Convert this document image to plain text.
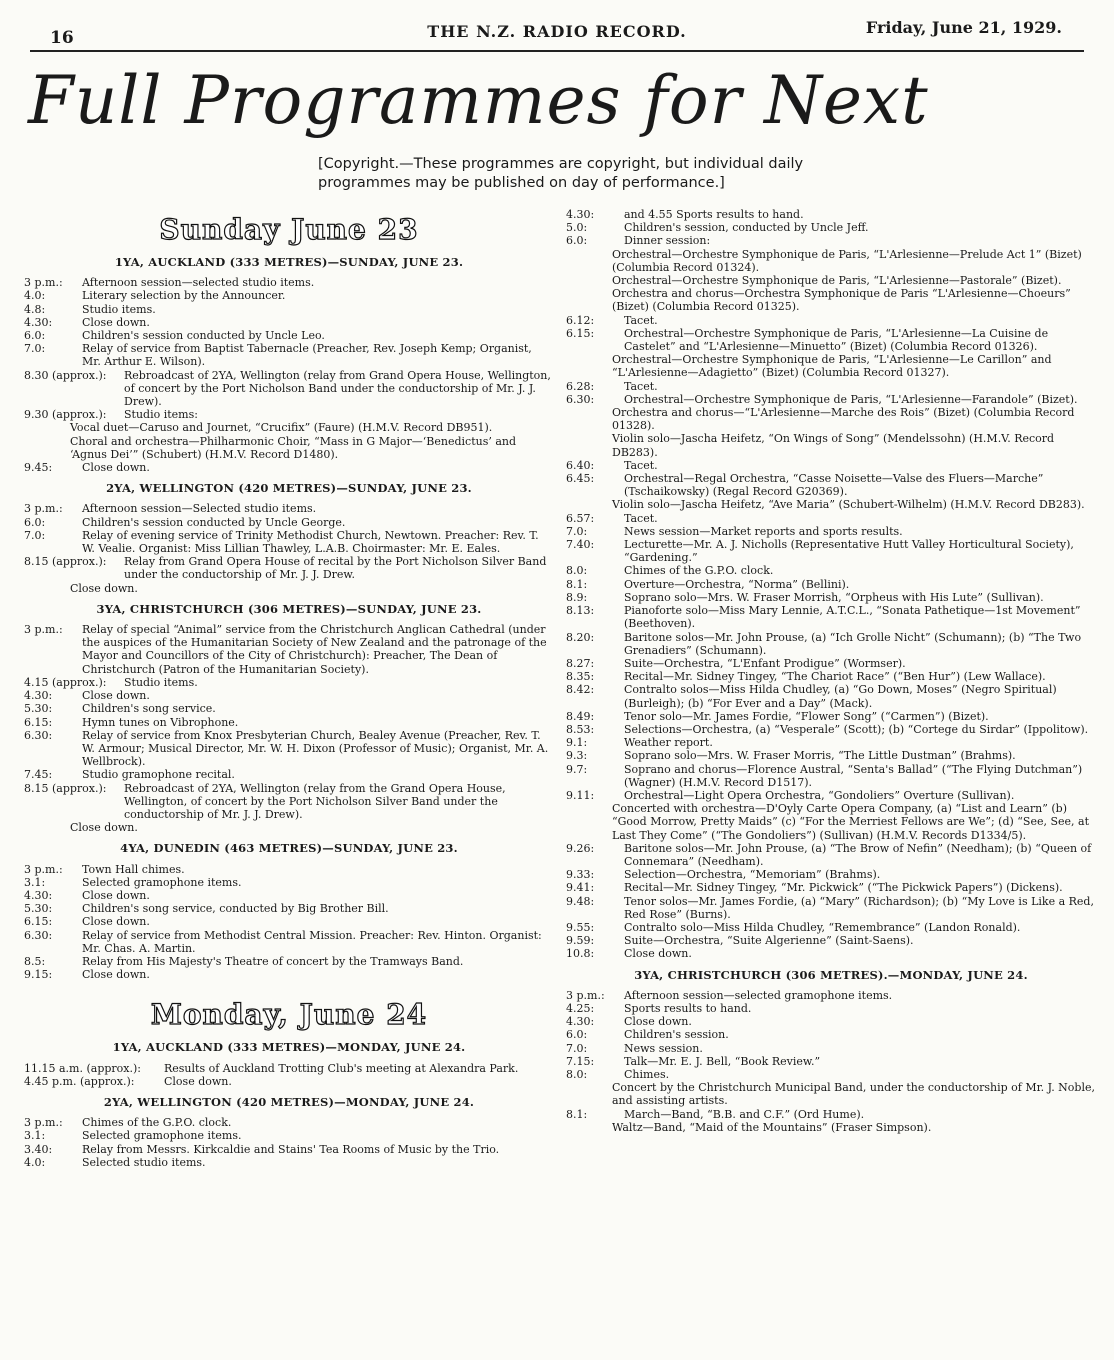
16	THE N.Z. RADIO RECORD.	Friday, June 21, 1929.
Full Programmes for Next
[Copyright.—These programmes are copyright, but individual daily programmes may be published on day of performance.]
Sunday June 23
1YA, AUCKLAND (333 METRES)—SUNDAY, JUNE 23.
3 p.m.:	Afternoon session—selected studio items.
4.0:	Literary selection by the Announcer.
4.8:	Studio items.
4.30:	Close down.
6.0:	Children's session conducted by Uncle Leo.
7.0:	Relay of service from Baptist Tabernacle (Preacher, Rev. Joseph Kemp; Organist, Mr. Arthur E. Wilson).
8.30 (approx.):	Rebroadcast of 2YA, Wellington (relay from Grand Opera House, Wellington, of concert by the Port Nicholson Band under the conductorship of Mr. J. J. Drew).
9.30 (approx.):	Studio items:
Vocal duet—Caruso and Journet, “Crucifix” (Faure) (H.M.V. Record DB951).
Choral and orchestra—Philharmonic Choir, “Mass in G Major—‘Benedictus’ and ‘Agnus Dei’” (Schubert) (H.M.V. Record D1480).
9.45:	Close down.
2YA, WELLINGTON (420 METRES)—SUNDAY, JUNE 23.
3 p.m.:	Afternoon session—Selected studio items.
6.0:	Children's session conducted by Uncle George.
7.0:	Relay of evening service of Trinity Methodist Church, Newtown. Preacher: Rev. T. W. Vealie. Organist: Miss Lillian Thawley, L.A.B. Choirmaster: Mr. E. Eales.
8.15 (approx.):	Relay from Grand Opera House of recital by the Port Nicholson Silver Band under the conductorship of Mr. J. J. Drew.
Close down.
3YA, CHRISTCHURCH (306 METRES)—SUNDAY, JUNE 23.
3 p.m.:	Relay of special “Animal” service from the Christchurch Anglican Cathedral (under the auspices of the Humanitarian Society of New Zealand and the patronage of the Mayor and Councillors of the City of Christchurch): Preacher, The Dean of Christchurch (Patron of the Humanitarian Society).
4.15 (approx.):	Studio items.
4.30:	Close down.
5.30:	Children's song service.
6.15:	Hymn tunes on Vibrophone.
6.30:	Relay of service from Knox Presbyterian Church, Bealey Avenue (Preacher, Rev. T. W. Armour; Musical Director, Mr. W. H. Dixon (Professor of Music); Organist, Mr. A. Wellbrock).
7.45:	Studio gramophone recital.
8.15 (approx.):	Rebroadcast of 2YA, Wellington (relay from the Grand Opera House, Wellington, of concert by the Port Nicholson Silver Band under the conductorship of Mr. J. J. Drew).
Close down.
4YA, DUNEDIN (463 METRES)—SUNDAY, JUNE 23.
3 p.m.:	Town Hall chimes.
3.1:	Selected gramophone items.
4.30:	Close down.
5.30:	Children's song service, conducted by Big Brother Bill.
6.15:	Close down.
6.30:	Relay of service from Methodist Central Mission. Preacher: Rev. Hinton. Organist: Mr. Chas. A. Martin.
8.5:	Relay from His Majesty's Theatre of concert by the Tramways Band.
9.15:	Close down.
Monday, June 24
1YA, AUCKLAND (333 METRES)—MONDAY, JUNE 24.
11.15 a.m. (approx.):	Results of Auckland Trotting Club's meeting at Alexandra Park.
4.45 p.m. (approx.):	Close down.
2YA, WELLINGTON (420 METRES)—MONDAY, JUNE 24.
3 p.m.:	Chimes of the G.P.O. clock.
3.1:	Selected gramophone items.
3.40:	Relay from Messrs. Kirkcaldie and Stains' Tea Rooms of Music by the Trio.
4.0:	Selected studio items.
4.30:	and 4.55 Sports results to hand.
5.0:	Children's session, conducted by Uncle Jeff.
6.0:	Dinner session:
Orchestral—Orchestre Symphonique de Paris, “L'Arlesienne—Prelude Act 1” (Bizet) (Columbia Record 01324).
Orchestral—Orchestre Symphonique de Paris, “L'Arlesienne—Pastorale” (Bizet).
Orchestra and chorus—Orchestra Symphonique de Paris “L'Arlesienne—Choeurs” (Bizet) (Columbia Record 01325).
6.12:	Tacet.
6.15:	Orchestral—Orchestre Symphonique de Paris, “L'Arlesienne—La Cuisine de Castelet” and “L'Arlesienne—Minuetto” (Bizet) (Columbia Record 01326).
Orchestral—Orchestre Symphonique de Paris, “L'Arlesienne—Le Carillon” and “L'Arlesienne—Adagietto” (Bizet) (Columbia Record 01327).
6.28:	Tacet.
6.30:	Orchestral—Orchestre Symphonique de Paris, “L'Arlesienne—Farandole” (Bizet).
Orchestra and chorus—“L'Arlesienne—Marche des Rois” (Bizet) (Columbia Record 01328).
Violin solo—Jascha Heifetz, “On Wings of Song” (Mendelssohn) (H.M.V. Record DB283).
6.40:	Tacet.
6.45:	Orchestral—Regal Orchestra, “Casse Noisette—Valse des Fluers—Marche” (Tschaikowsky) (Regal Record G20369).
Violin solo—Jascha Heifetz, “Ave Maria” (Schubert-Wilhelm) (H.M.V. Record DB283).
6.57:	Tacet.
7.0:	News session—Market reports and sports results.
7.40:	Lecturette—Mr. A. J. Nicholls (Representative Hutt Valley Horticultural Society), “Gardening.”
8.0:	Chimes of the G.P.O. clock.
8.1:	Overture—Orchestra, “Norma” (Bellini).
8.9:	Soprano solo—Mrs. W. Fraser Morrish, “Orpheus with His Lute” (Sullivan).
8.13:	Pianoforte solo—Miss Mary Lennie, A.T.C.L., “Sonata Pathetique—1st Movement” (Beethoven).
8.20:	Baritone solos—Mr. John Prouse, (a) “Ich Grolle Nicht” (Schumann); (b) “The Two Grenadiers” (Schumann).
8.27:	Suite—Orchestra, “L'Enfant Prodigue” (Wormser).
8.35:	Recital—Mr. Sidney Tingey, “The Chariot Race” (“Ben Hur”) (Lew Wallace).
8.42:	Contralto solos—Miss Hilda Chudley, (a) “Go Down, Moses” (Negro Spiritual) (Burleigh); (b) “For Ever and a Day” (Mack).
8.49:	Tenor solo—Mr. James Fordie, “Flower Song” (“Carmen”) (Bizet).
8.53:	Selections—Orchestra, (a) “Vesperale” (Scott); (b) “Cortege du Sirdar” (Ippolitow).
9.1:	Weather report.
9.3:	Soprano solo—Mrs. W. Fraser Morris, “The Little Dustman” (Brahms).
9.7:	Soprano and chorus—Florence Austral, “Senta's Ballad” (“The Flying Dutchman”) (Wagner) (H.M.V. Record D1517).
9.11:	Orchestral—Light Opera Orchestra, “Gondoliers” Overture (Sullivan).
Concerted with orchestra—D'Oyly Carte Opera Company, (a) “List and Learn” (b) “Good Morrow, Pretty Maids” (c) “For the Merriest Fellows are We”; (d) “See, See, at Last They Come” (“The Gondoliers”) (Sullivan) (H.M.V. Records D1334/5).
9.26:	Baritone solos—Mr. John Prouse, (a) “The Brow of Nefin” (Needham); (b) “Queen of Connemara” (Needham).
9.33:	Selection—Orchestra, “Memoriam” (Brahms).
9.41:	Recital—Mr. Sidney Tingey, “Mr. Pickwick” (“The Pickwick Papers”) (Dickens).
9.48:	Tenor solos—Mr. James Fordie, (a) “Mary” (Richardson); (b) “My Love is Like a Red, Red Rose” (Burns).
9.55:	Contralto solo—Miss Hilda Chudley, “Remembrance” (Landon Ronald).
9.59:	Suite—Orchestra, “Suite Algerienne” (Saint-Saens).
10.8:	Close down.
3YA, CHRISTCHURCH (306 METRES).—MONDAY, JUNE 24.
3 p.m.:	Afternoon session—selected gramophone items.
4.25:	Sports results to hand.
4.30:	Close down.
6.0:	Children's session.
7.0:	News session.
7.15:	Talk—Mr. E. J. Bell, “Book Review.”
8.0:	Chimes.
Concert by the Christchurch Municipal Band, under the conductorship of Mr. J. Noble, and assisting artists.
8.1:	March—Band, “B.B. and C.F.” (Ord Hume).
Waltz—Band, “Maid of the Mountains” (Fraser Simpson).
